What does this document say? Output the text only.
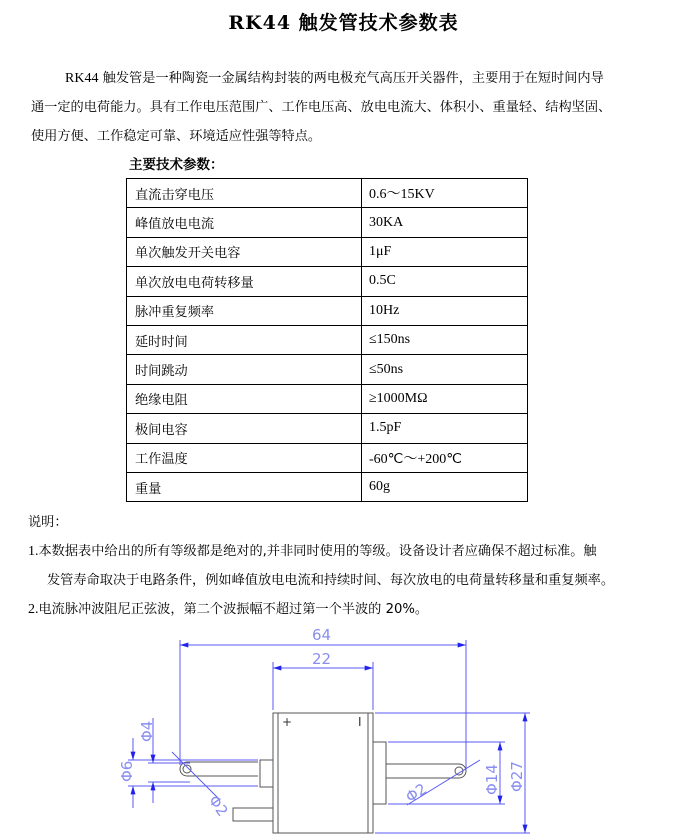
RK44 触发管技术参数表
RK44 触发管是一种陶瓷一金属结构封装的两电极充气高压开关器件，主要用于在短时间内导
通一定的电荷能力。具有工作电压范围广、工作电压高、放电电流大、体积小、重量轻、结构坚固、
使用方便、工作稳定可靠、环境适应性强等特点。
主要技术参数：
直流击穿电压	0.6～15KV
峰值放电电流	30KA
单次触发开关电容	1μF
单次放电电荷转移量	0.5C
脉冲重复频率	10Hz
延时时间	≤150ns
时间跳动	≤50ns
绝缘电阻	≥1000MΩ
极间电容	1.5pF
工作温度	-60℃～+200℃
重量	60g
说明：
1.本数据表中给出的所有等级都是绝对的,并非同时使用的等级。设备设计者应确保不超过标准。触
发管寿命取决于电路条件，例如峰值放电电流和持续时间、每次放电的电荷量转移量和重复频率。
2.电流脉冲波阻尼正弦波，第二个波振幅不超过第一个半波的 20%。
+	I
64
22
Φ6
Φ4
Φ2	Φ2	Φ14 Φ27
